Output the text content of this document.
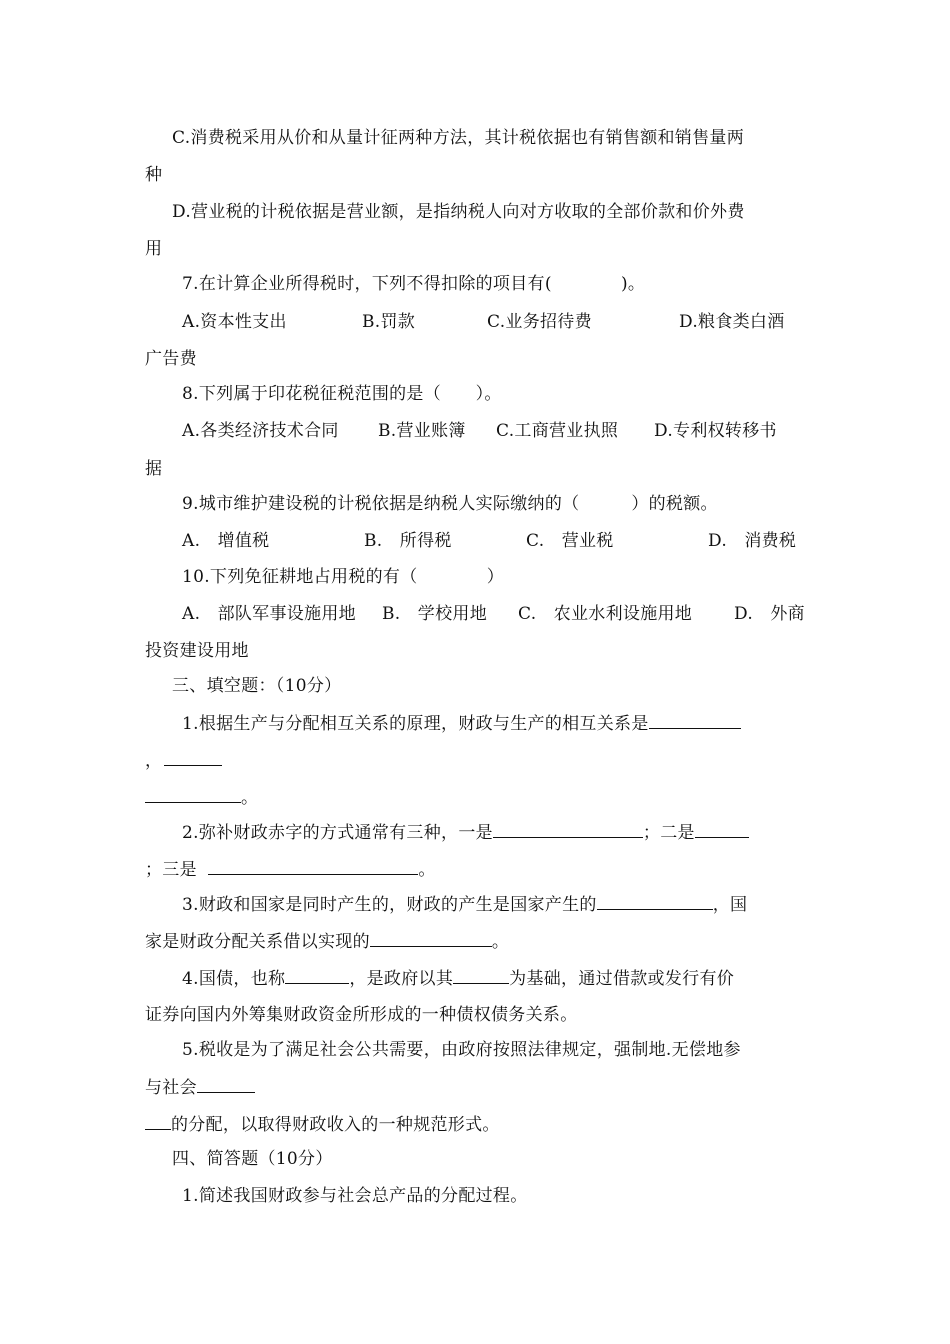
C.消费税采用从价和从量计征两种方法，其计税依据也有销售额和销售量两
种
D.营业税的计税依据是营业额，是指纳税人向对方收取的全部价款和价外费
用
7.在计算企业所得税时，下列不得扣除的项目有(　　　　)。
A.资本性支出	B.罚款	C.业务招待费	D.粮食类白酒
广告费
8.下列属于印花税征税范围的是（　　）。
A.各类经济技术合同 B.营业账簿 C.工商营业执照 D.专利权转移书
据
9.城市维护建设税的计税依据是纳税人实际缴纳的（　　　）的税额。
A.　增值税	B.　所得税	C.　营业税	D.　消费税
10.下列免征耕地占用税的有（　　　　）
A.　部队军事设施用地 B.　学校用地 C.　农业水利设施用地 D.　外商
投资建设用地
三、填空题：（10分）
1.根据生产与分配相互关系的原理，财政与生产的相互关系是
，
。
2.弥补财政赤字的方式通常有三种，一是	；二是
；三是	。
3.财政和国家是同时产生的，财政的产生是国家产生的	，国
家是财政分配关系借以实现的	。
4.国债，也称	，是政府以其	为基础，通过借款或发行有价
证券向国内外筹集财政资金所形成的一种债权债务关系。
5.税收是为了满足社会公共需要，由政府按照法律规定，强制地.无偿地参
与社会
的分配，以取得财政收入的一种规范形式。
四、简答题（10分）
1.简述我国财政参与社会总产品的分配过程。
